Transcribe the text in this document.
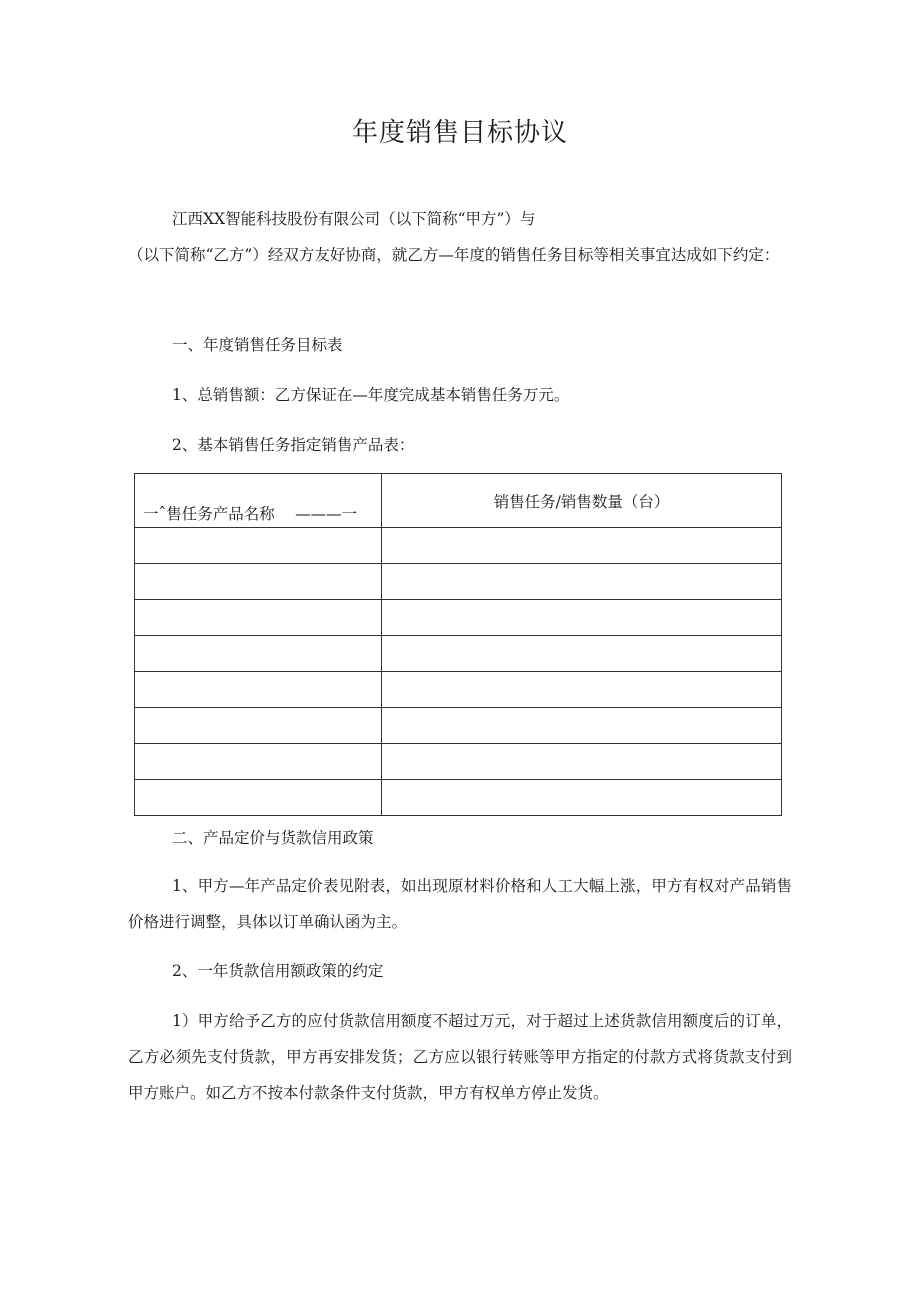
年度销售目标协议

江西XX智能科技股份有限公司（以下简称“甲方”）与
（以下简称“乙方”）经双方友好协商，就乙方—年度的销售任务目标等相关事宜达成如下约定：

一、年度销售任务目标表

1、总销售额：乙方保证在—年度完成基本销售任务万元。

2、基本销售任务指定销售产品表：

一ˆ售任务产品名称　 ———一	销售任务/销售数量（台）

二、产品定价与货款信用政策

1、甲方—年产品定价表见附表，如出现原材料价格和人工大幅上涨，甲方有权对产品销售价格进行调整，具体以订单确认函为主。

2、一年货款信用额政策的约定

1）甲方给予乙方的应付货款信用额度不超过万元，对于超过上述货款信用额度后的订单，乙方必须先支付货款，甲方再安排发货；乙方应以银行转账等甲方指定的付款方式将货款支付到甲方账户。如乙方不按本付款条件支付货款，甲方有权单方停止发货。
